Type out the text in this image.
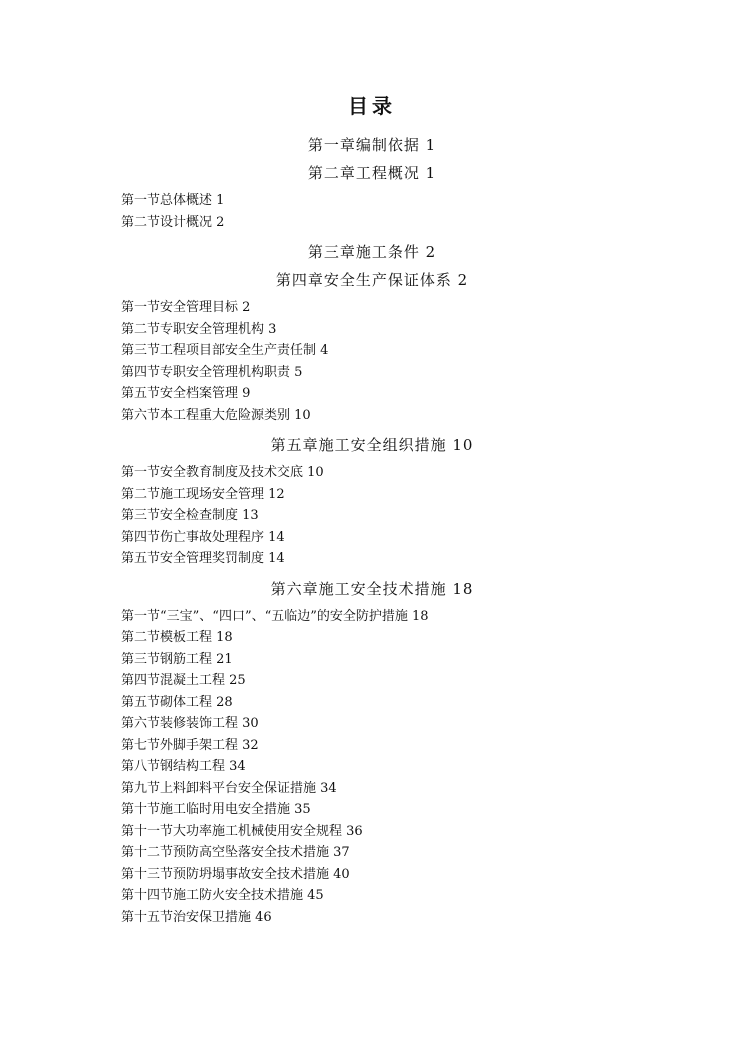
目录
第一章编制依据 1
第二章工程概况 1
第一节总体概述 1
第二节设计概况 2
第三章施工条件 2
第四章安全生产保证体系 2
第一节安全管理目标 2
第二节专职安全管理机构 3
第三节工程项目部安全生产责任制 4
第四节专职安全管理机构职责 5
第五节安全档案管理 9
第六节本工程重大危险源类别 10
第五章施工安全组织措施 10
第一节安全教育制度及技术交底 10
第二节施工现场安全管理 12
第三节安全检查制度 13
第四节伤亡事故处理程序 14
第五节安全管理奖罚制度 14
第六章施工安全技术措施 18
第一节“三宝”、“四口”、“五临边”的安全防护措施 18
第二节模板工程 18
第三节钢筋工程 21
第四节混凝土工程 25
第五节砌体工程 28
第六节装修装饰工程 30
第七节外脚手架工程 32
第八节钢结构工程 34
第九节上料卸料平台安全保证措施 34
第十节施工临时用电安全措施 35
第十一节大功率施工机械使用安全规程 36
第十二节预防高空坠落安全技术措施 37
第十三节预防坍塌事故安全技术措施 40
第十四节施工防火安全技术措施 45
第十五节治安保卫措施 46
